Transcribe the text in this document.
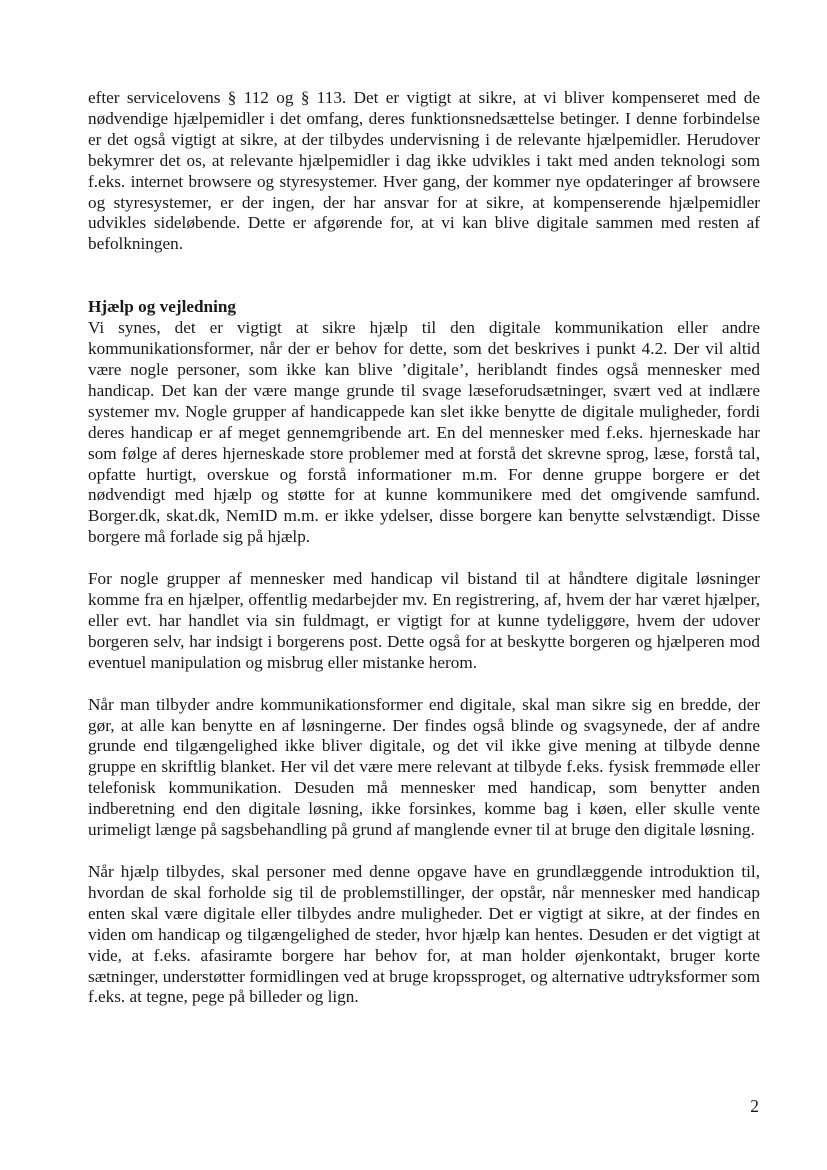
efter servicelovens § 112 og § 113. Det er vigtigt at sikre, at vi bliver kompenseret med de nødvendige hjælpemidler i det omfang, deres funktionsnedsættelse betinger. I denne forbindelse er det også vigtigt at sikre, at der tilbydes undervisning i de relevante hjælpemidler. Herudover bekymrer det os, at relevante hjælpemidler i dag ikke udvikles i takt med anden teknologi som f.eks. internet browsere og styresystemer. Hver gang, der kommer nye opdateringer af browsere og styresystemer, er der ingen, der har ansvar for at sikre, at kompenserende hjælpemidler udvikles sideløbende. Dette er afgørende for, at vi kan blive digitale sammen med resten af befolkningen.

Hjælp og vejledning

Vi synes, det er vigtigt at sikre hjælp til den digitale kommunikation eller andre kommunikationsformer, når der er behov for dette, som det beskrives i punkt 4.2. Der vil altid være nogle personer, som ikke kan blive ’digitale’, heriblandt findes også mennesker med handicap. Det kan der være mange grunde til svage læseforudsætninger, svært ved at indlære systemer mv. Nogle grupper af handicappede kan slet ikke benytte de digitale muligheder, fordi deres handicap er af meget gennemgribende art. En del mennesker med f.eks. hjerneskade har som følge af deres hjerneskade store problemer med at forstå det skrevne sprog, læse, forstå tal, opfatte hurtigt, overskue og forstå informationer m.m. For denne gruppe borgere er det nødvendigt med hjælp og støtte for at kunne kommunikere med det omgivende samfund. Borger.dk, skat.dk, NemID m.m. er ikke ydelser, disse borgere kan benytte selvstændigt. Disse borgere må forlade sig på hjælp.

For nogle grupper af mennesker med handicap vil bistand til at håndtere digitale løsninger komme fra en hjælper, offentlig medarbejder mv. En registrering, af, hvem der har været hjælper, eller evt. har handlet via sin fuldmagt, er vigtigt for at kunne tydeliggøre, hvem der udover borgeren selv, har indsigt i borgerens post. Dette også for at beskytte borgeren og hjælperen mod eventuel manipulation og misbrug eller mistanke herom.

Når man tilbyder andre kommunikationsformer end digitale, skal man sikre sig en bredde, der gør, at alle kan benytte en af løsningerne. Der findes også blinde og svagsynede, der af andre grunde end tilgængelighed ikke bliver digitale, og det vil ikke give mening at tilbyde denne gruppe en skriftlig blanket. Her vil det være mere relevant at tilbyde f.eks. fysisk fremmøde eller telefonisk kommunikation. Desuden må mennesker med handicap, som benytter anden indberetning end den digitale løsning, ikke forsinkes, komme bag i køen, eller skulle vente urimeligt længe på sagsbehandling på grund af manglende evner til at bruge den digitale løsning.

Når hjælp tilbydes, skal personer med denne opgave have en grundlæggende introduktion til, hvordan de skal forholde sig til de problemstillinger, der opstår, når mennesker med handicap enten skal være digitale eller tilbydes andre muligheder. Det er vigtigt at sikre, at der findes en viden om handicap og tilgængelighed de steder, hvor hjælp kan hentes. Desuden er det vigtigt at vide, at f.eks. afasiramte borgere har behov for, at man holder øjenkontakt, bruger korte sætninger, understøtter formidlingen ved at bruge kropssproget, og alternative udtryksformer som f.eks. at tegne, pege på billeder og lign.

2
